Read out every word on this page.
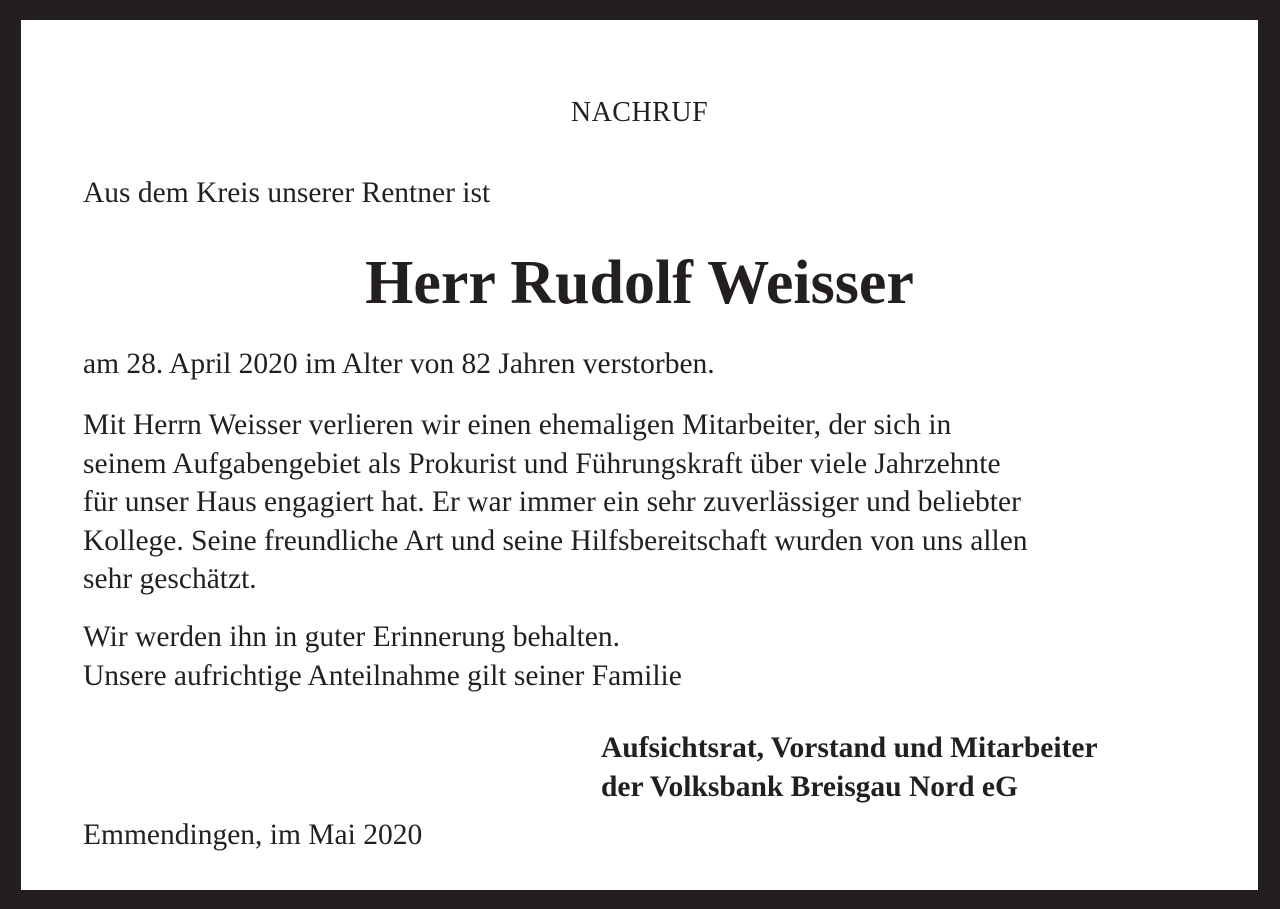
NACHRUF
Aus dem Kreis unserer Rentner ist
Herr Rudolf Weisser
am 28. April 2020 im Alter von 82 Jahren verstorben.
Mit Herrn Weisser verlieren wir einen ehemaligen Mitarbeiter, der sich in
seinem Aufgabengebiet als Prokurist und Führungskraft über viele Jahrzehnte
für unser Haus engagiert hat. Er war immer ein sehr zuverlässiger und beliebter
Kollege. Seine freundliche Art und seine Hilfsbereitschaft wurden von uns allen
sehr geschätzt.
Wir werden ihn in guter Erinnerung behalten.
Unsere aufrichtige Anteilnahme gilt seiner Familie
Aufsichtsrat, Vorstand und Mitarbeiter
der Volksbank Breisgau Nord eG
Emmendingen, im Mai 2020
